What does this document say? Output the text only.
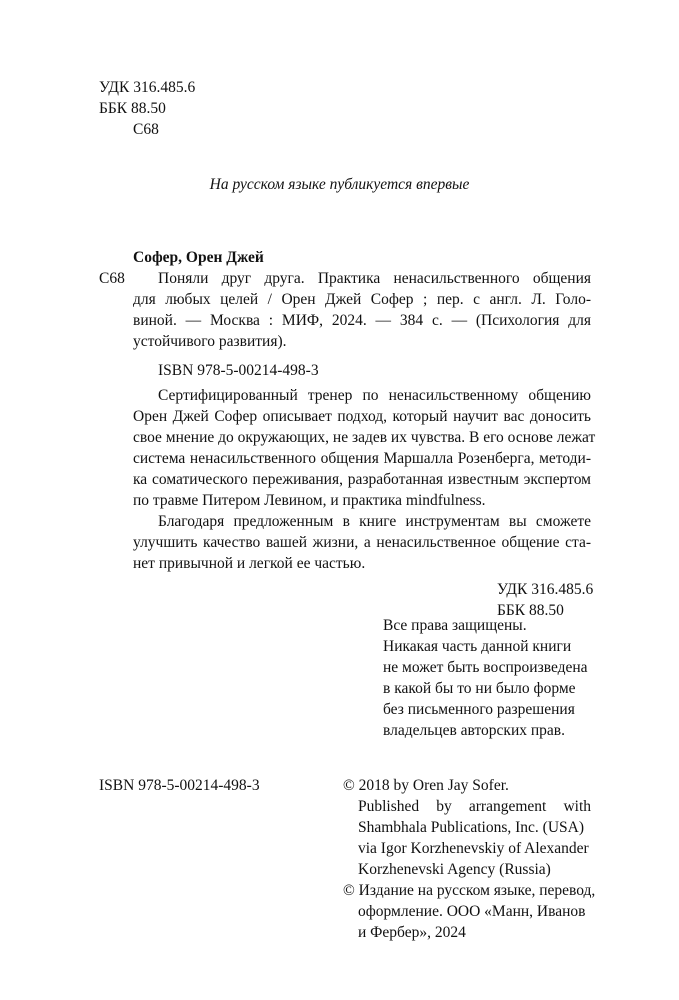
УДК 316.485.6
ББК 88.50
С68
На русском языке публикуется впервые
Софер, Орен Джей
С68 Поняли друг друга. Практика ненасильственного общения
для любых целей / Орен Джей Софер ; пер. с англ. Л. Голо-
виной. — Москва : МИФ, 2024. — 384 с. — (Психология для
устойчивого развития).
ISBN 978-5-00214-498-3
Сертифицированный тренер по ненасильственному общению
Орен Джей Софер описывает подход, который научит вас доносить
свое мнение до окружающих, не задев их чувства. В его основе лежат
система ненасильственного общения Маршалла Розенберга, методи-
ка соматического переживания, разработанная известным экспертом
по травме Питером Левином, и практика mindfulness.
Благодаря предложенным в книге инструментам вы сможете
улучшить качество вашей жизни, а ненасильственное общение ста-
нет привычной и легкой ее частью.
УДК 316.485.6
ББК 88.50
Все права защищены.
Никакая часть данной книги
не может быть воспроизведена
в какой бы то ни было форме
без письменного разрешения
владельцев авторских прав.
ISBN 978-5-00214-498-3	© 2018 by Oren Jay Sofer.
Published by arrangement with
Shambhala Publications, Inc. (USA)
via Igor Korzhenevskiy of Alexander
Korzhenevski Agency (Russia)
© Издание на русском языке, перевод,
оформление. ООО «Манн, Иванов
и Фербер», 2024
